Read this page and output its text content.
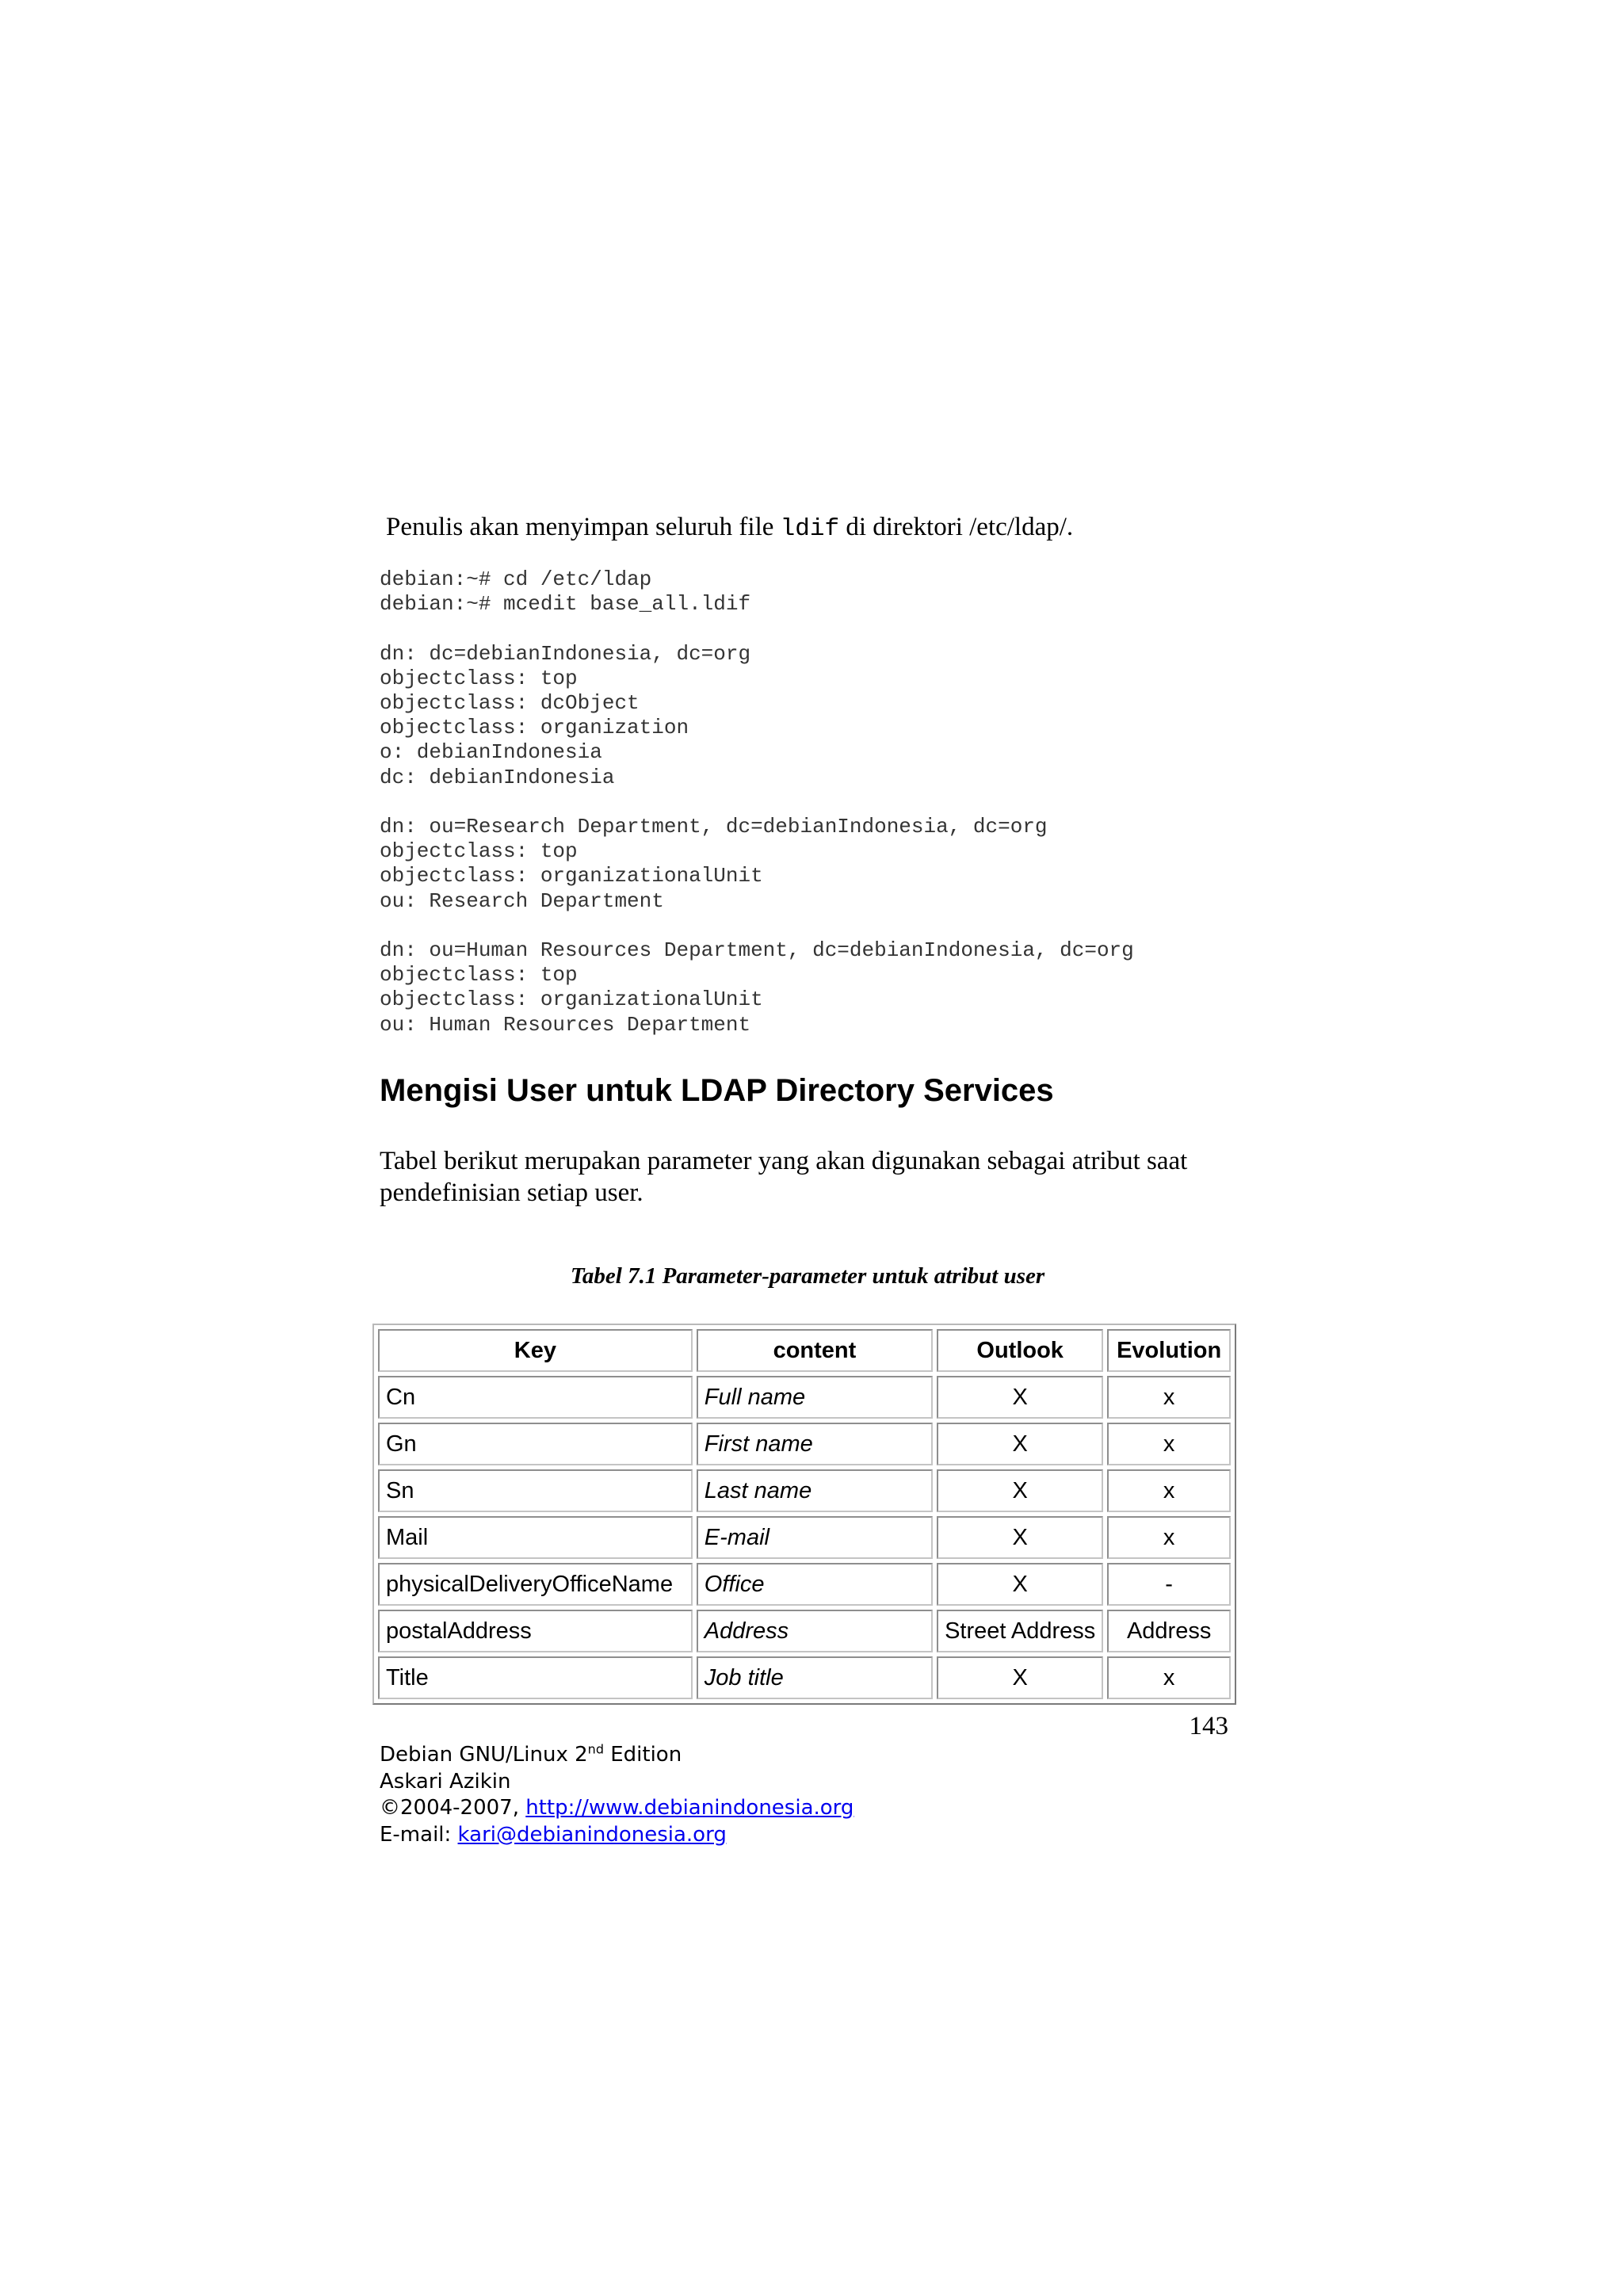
Penulis akan menyimpan seluruh file ldif di direktori /etc/ldap/.

debian:~# cd /etc/ldap
debian:~# mcedit base_all.ldif

dn: dc=debianIndonesia, dc=org
objectclass: top
objectclass: dcObject
objectclass: organization
o: debianIndonesia
dc: debianIndonesia

dn: ou=Research Department, dc=debianIndonesia, dc=org
objectclass: top
objectclass: organizationalUnit
ou: Research Department

dn: ou=Human Resources Department, dc=debianIndonesia, dc=org
objectclass: top
objectclass: organizationalUnit
ou: Human Resources Department
Mengisi User untuk LDAP Directory Services

Tabel berikut merupakan parameter yang akan digunakan sebagai atribut saat pendefinisian setiap user.

Tabel 7.1 Parameter-parameter untuk atribut user
Key	content	Outlook	Evolution
Cn	Full name	X	x
Gn	First name	X	x
Sn	Last name	X	x
Mail	E-mail	X	x
physicalDeliveryOfficeName	Office	X	-
postalAddress	Address	Street Address	Address
Title	Job title	X	x
143
Debian GNU/Linux 2nd Edition
Askari Azikin
©2004-2007, http://www.debianindonesia.org
E-mail: kari@debianindonesia.org
